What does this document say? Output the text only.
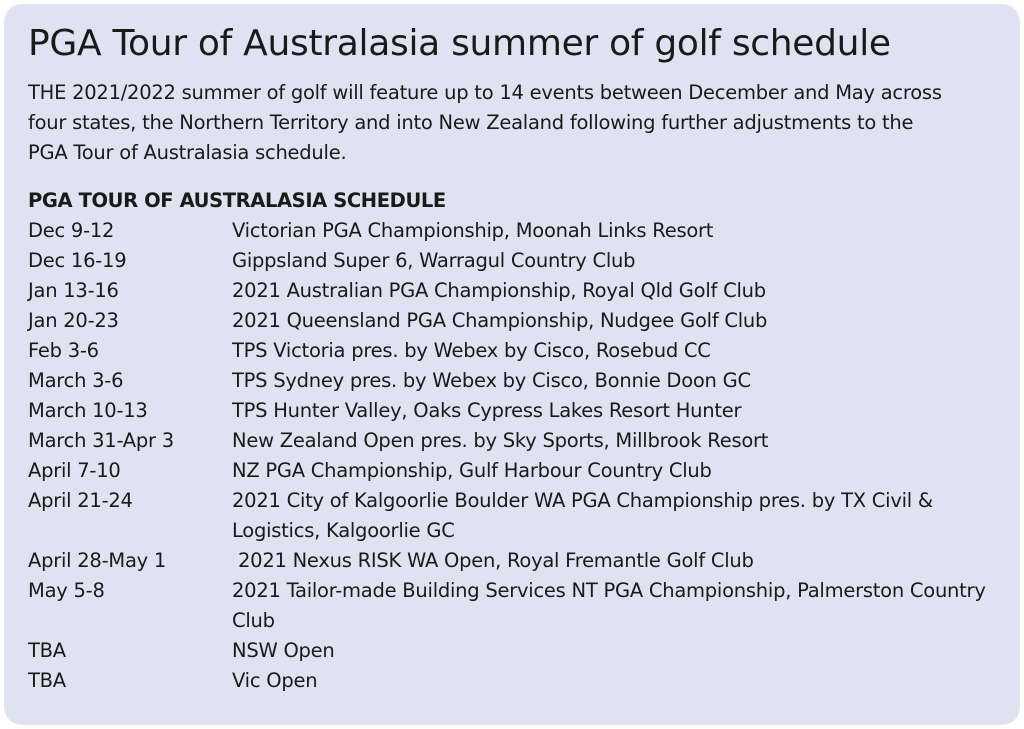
PGA Tour of Australasia summer of golf schedule

THE 2021/2022 summer of golf will feature up to 14 events between December and May across four states, the Northern Territory and into New Zealand following further adjustments to the PGA Tour of Australasia schedule.

PGA TOUR OF AUSTRALASIA SCHEDULE
Dec 9-12	Victorian PGA Championship, Moonah Links Resort
Dec 16-19	Gippsland Super 6, Warragul Country Club
Jan 13-16	2021 Australian PGA Championship, Royal Qld Golf Club
Jan 20-23	2021 Queensland PGA Championship, Nudgee Golf Club
Feb 3-6	TPS Victoria pres. by Webex by Cisco, Rosebud CC
March 3-6	TPS Sydney pres. by Webex by Cisco, Bonnie Doon GC
March 10-13	TPS Hunter Valley, Oaks Cypress Lakes Resort Hunter
March 31-Apr 3	New Zealand Open pres. by Sky Sports, Millbrook Resort
April 7-10	NZ PGA Championship, Gulf Harbour Country Club
April 21-24	2021 City of Kalgoorlie Boulder WA PGA Championship pres. by TX Civil & Logistics, Kalgoorlie GC
April 28-May 1	2021 Nexus RISK WA Open, Royal Fremantle Golf Club
May 5-8	2021 Tailor-made Building Services NT PGA Championship, Palmerston Country Club
TBA	NSW Open
TBA	Vic Open
